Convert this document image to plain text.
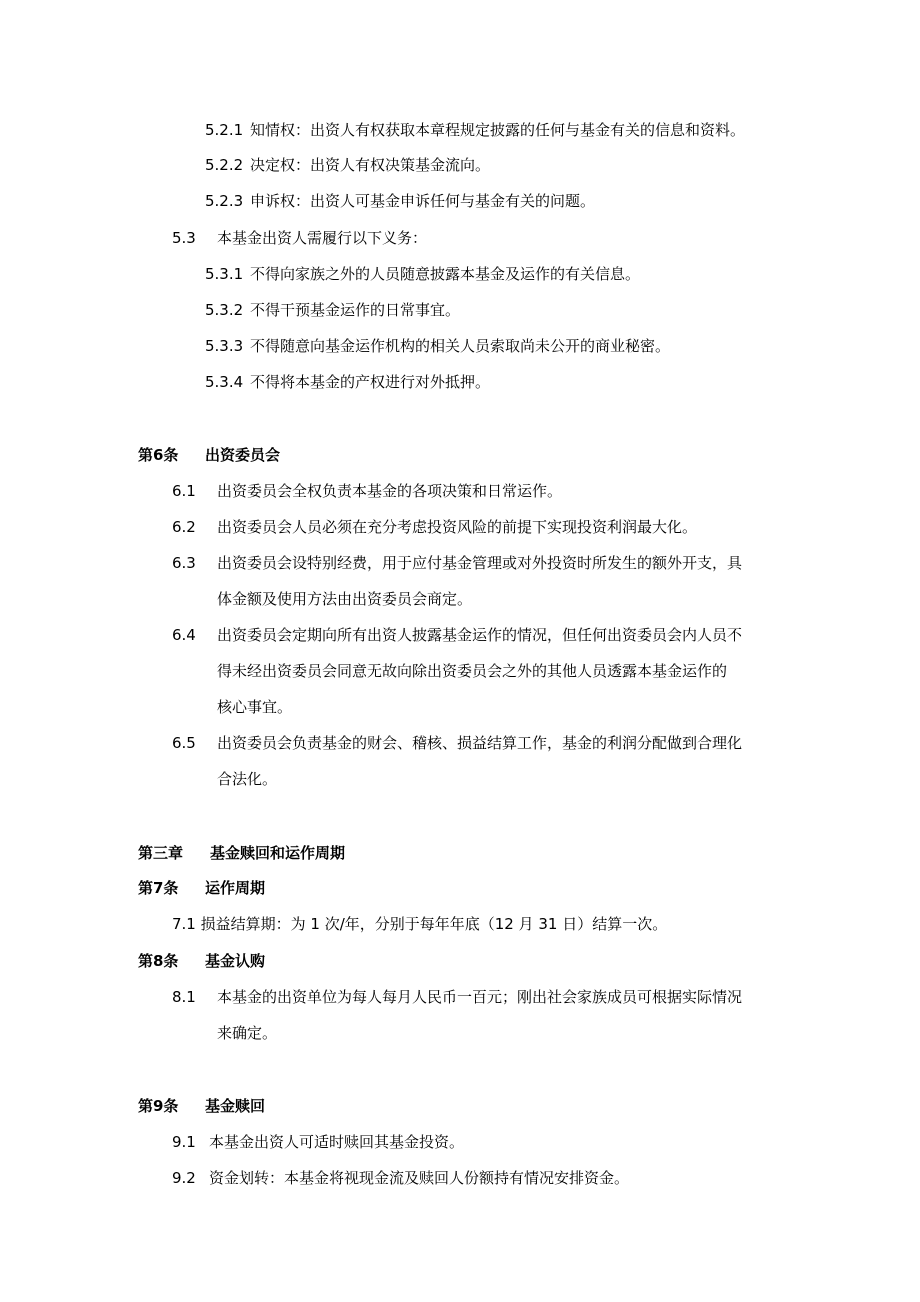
5.2.1 知情权：出资人有权获取本章程规定披露的任何与基金有关的信息和资料。
5.2.2 决定权：出资人有权决策基金流向。
5.2.3 申诉权：出资人可基金申诉任何与基金有关的问题。
5.3 本基金出资人需履行以下义务：
5.3.1 不得向家族之外的人员随意披露本基金及运作的有关信息。
5.3.2 不得干预基金运作的日常事宜。
5.3.3 不得随意向基金运作机构的相关人员索取尚未公开的商业秘密。
5.3.4 不得将本基金的产权进行对外抵押。
第6条 出资委员会
6.1 出资委员会全权负责本基金的各项决策和日常运作。
6.2 出资委员会人员必须在充分考虑投资风险的前提下实现投资利润最大化。
6.3 出资委员会设特别经费，用于应付基金管理或对外投资时所发生的额外开支，具
体金额及使用方法由出资委员会商定。
6.4 出资委员会定期向所有出资人披露基金运作的情况，但任何出资委员会内人员不
得未经出资委员会同意无故向除出资委员会之外的其他人员透露本基金运作的
核心事宜。
6.5 出资委员会负责基金的财会、稽核、损益结算工作，基金的利润分配做到合理化
合法化。
第三章 基金赎回和运作周期
第7条 运作周期
7.1 损益结算期：为 1 次/年，分别于每年年底（12 月 31 日）结算一次。
第8条 基金认购
8.1 本基金的出资单位为每人每月人民币一百元；刚出社会家族成员可根据实际情况
来确定。
第9条 基金赎回
9.1 本基金出资人可适时赎回其基金投资。
9.2 资金划转：本基金将视现金流及赎回人份额持有情况安排资金。
